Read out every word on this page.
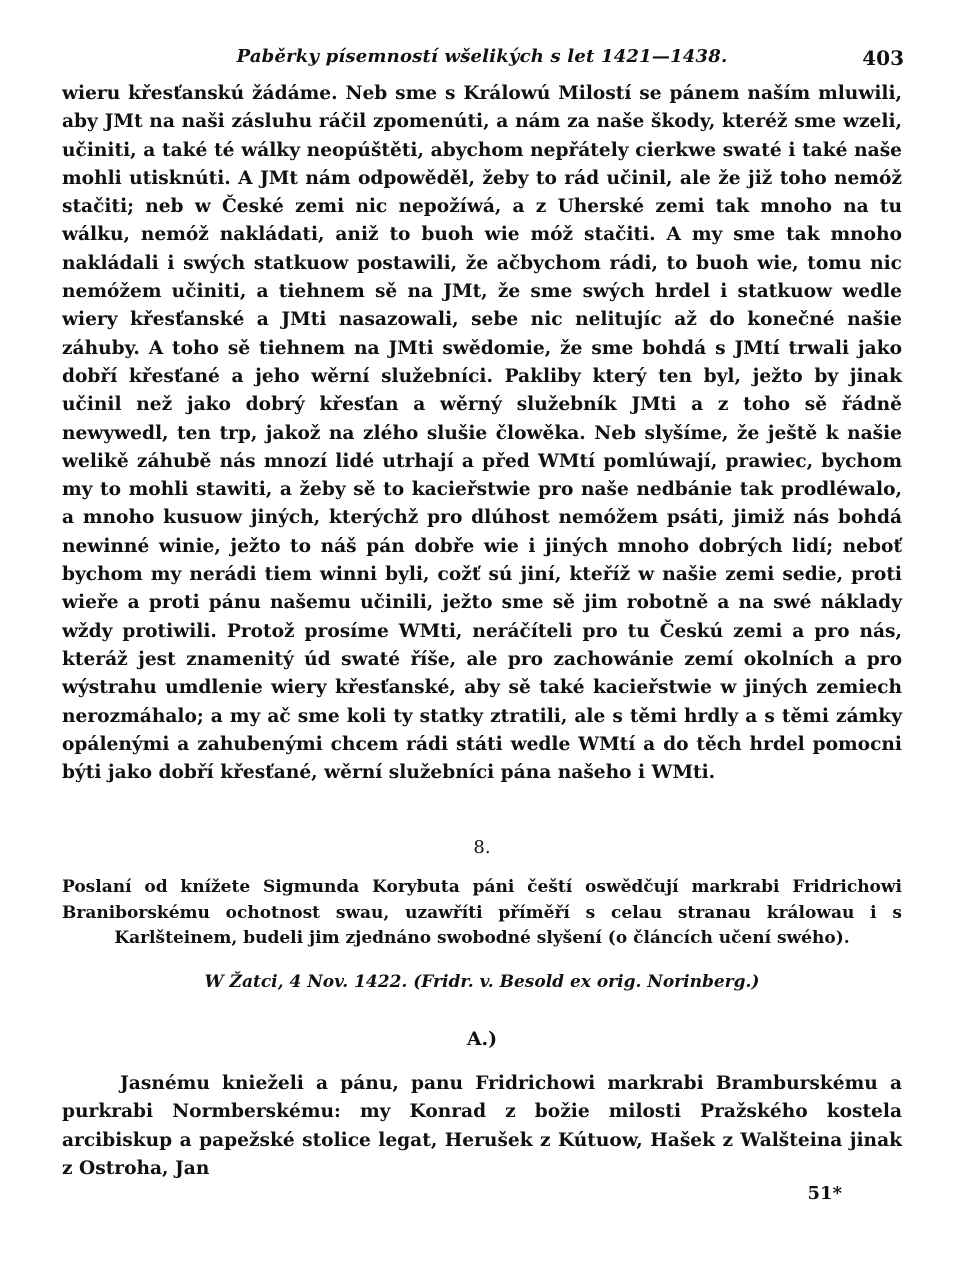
Paběrky písemností wšelikých s let 1421—1438.	403

wieru křesťanskú žádáme. Neb sme s Králowú Milostí se pánem naším mluwili, aby JMt na naši zásluhu ráčil zpomenúti, a nám za naše škody, kteréž sme wzeli, učiniti, a také té wálky neopúštěti, abychom nepřátely cierkwe swaté i také naše mohli utisknúti. A JMt nám odpowěděl, žeby to rád učinil, ale že již toho nemóž stačiti; neb w České zemi nic nepožíwá, a z Uherské zemi tak mnoho na tu wálku, nemóž nakládati, aniž to buoh wie móž stačiti. A my sme tak mnoho nakládali i swých statkuow postawili, že ačbychom rádi, to buoh wie, tomu nic nemóžem učiniti, a tiehnem sě na JMt, že sme swých hrdel i statkuow wedle wiery křesťanské a JMti nasazowali, sebe nic nelitujíc až do konečné našie záhuby. A toho sě tiehnem na JMti swědomie, že sme bohdá s JMtí trwali jako dobří křesťané a jeho wěrní služebníci. Pakliby který ten byl, ježto by jinak učinil než jako dobrý křesťan a wěrný služebník JMti a z toho sě řádně newywedl, ten trp, jakož na zlého slušie člowěka. Neb slyšíme, že ještě k našie welikě záhubě nás mnozí lidé utrhají a před WMtí pomlúwají, prawiec, bychom my to mohli stawiti, a žeby sě to kacieřstwie pro naše nedbánie tak prodléwalo, a mnoho kusuow jiných, kterýchž pro dlúhost nemóžem psáti, jimiž nás bohdá newinné winie, ježto to náš pán dobře wie i jiných mnoho dobrých lidí; neboť bychom my nerádi tiem winni byli, cožť sú jiní, kteříž w našie zemi sedie, proti wieře a proti pánu našemu učinili, ježto sme sě jim robotně a na swé náklady wždy protiwili. Protož prosíme WMti, neráčíteli pro tu Českú zemi a pro nás, kteráž jest znamenitý úd swaté říše, ale pro zachowánie zemí okolních a pro wýstrahu umdlenie wiery křesťanské, aby sě také kacieřstwie w jiných zemiech nerozmáhalo; a my ač sme koli ty statky ztratili, ale s těmi hrdly a s těmi zámky opálenými a zahubenými chcem rádi státi wedle WMtí a do těch hrdel pomocni býti jako dobří křesťané, wěrní služebníci pána našeho i WMti.

8.
Poslaní od knížete Sigmunda Korybuta páni čeští oswědčují markrabi Fridrichowi Braniborskému ochotnost swau, uzawříti příměří s celau stranau králowau i s Karlšteinem, budeli jim zjednáno swobodné slyšení (o článcích učení swého).
W Žatci, 4 Nov. 1422. (Fridr. v. Besold ex orig. Norinberg.)
A.)
Jasnému knieželi a pánu, panu Fridrichowi markrabi Bramburskému a purkrabi Normberskému: my Konrad z božie milosti Pražského kostela arcibiskup a papežské stolice legat, Herušek z Kútuow, Hašek z Walšteina jinak z Ostroha, Jan
51*
